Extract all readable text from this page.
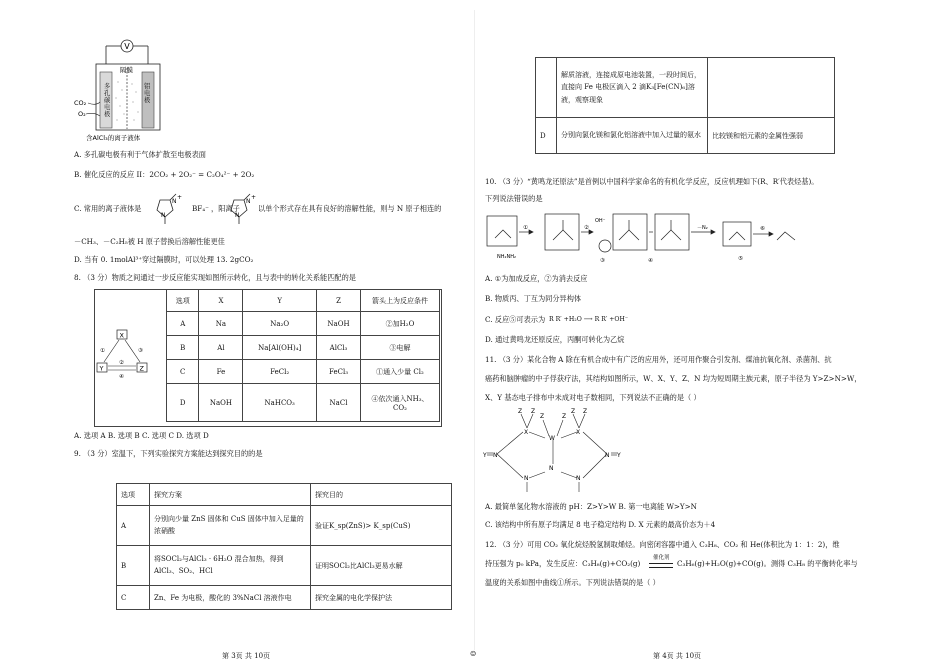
V
隔膜
CO₂
O₂
含AlCl₃的离子液体
多孔碳电极
铝电极
A. 多孔碳电极有利于气体扩散至电极表面
B. 催化反应的反应 II：2CO₂ + 2O₂⁻ = C₂O₄²⁻ + 2O₂
C. 常用的离子液体是
N
+
N
BF₄⁻ ，阳离子
N
+
N
以单个形式存在具有良好的溶解性能，则与 N 原子相连的
－CH₃、－C₂H₅被 H 原子替换后溶解性能更佳
D. 当有 0. 1molAl³⁺穿过隔膜时，可以处理 13. 2gCO₂
8. （3 分）物质之间通过一步反应能实现如图所示转化，且与表中的转化关系能匹配的是
X
Y	Z
①	③
②
④
选项	X	Y	Z	箭头上为反应条件
A	Na	Na₂O	NaOH	②加H₂O
B	Al	Na[Al(OH)₄]	AlCl₃	③电解
C	Fe	FeCl₂	FeCl₃	①通入少量 Cl₂
D	NaOH	NaHCO₃	NaCl	④依次通入NH₃、CO₂
A. 选项 A B. 选项 B C. 选项 C D. 选项 D
9. （3 分）室温下，下列实验探究方案能达到探究目的的是
选项	探究方案	探究目的
A	分别向少量 ZnS 固体和 CuS 固体中加入足量的浓硝酸	验证K_sp(ZnS)> K_sp(CuS)
B	将SOCl₂与AlCl₃ · 6H₂O 混合加热，得到AlCl₃、SO₂、HCl	证明SOCl₂比AlCl₃更易水解
C	Zn、Fe 为电极，酸化的 3%NaCl 溶液作电	探究金属的电化学保护法
第 3页 共 10页	☺
	解质溶液，连接成原电池装置，一段时间后，直接向 Fe 电极区滴入 2 滴K₃[Fe(CN)₆]溶液，观察现象	
D	分别向氯化镁和氯化铝溶液中加入过量的氨水	比较镁和铝元素的金属性强弱
10. （3 分）“黄鸣龙还原法”是首例以中国科学家命名的有机化学反应，反应机理如下(R、R′代表烃基)。
下列说法错误的是
NH₂NH₂
①	②
OH⁻
③	④
－N₂	⑥
⑤
A. ①为加成反应，②为消去反应
B. 物质丙、丁互为同分异构体
C. 反应⑤可表示为 R R′ +H₂O ⟶ R R′ +OH⁻
D. 通过黄鸣龙还原反应，丙酮可转化为乙烷
11. （3 分）某化合物 A 除在有机合成中有广泛的应用外，还可用作聚合引发剂、煤油抗氧化剂、杀菌剂、抗
癌药和脑肿瘤的中子俘获疗法，其结构如图所示，W、X、Y、Z、N 均为短周期主族元素，原子半径为 Y>Z>N>W，
X、Y 基态电子排布中未成对电子数相同，下列说法不正确的是（ ）
W
N
X	X
N	N
N	N
Y	Y
Z	Z
Z Z	Z Z
A. 最简单氢化物水溶液的 pH：Z>Y>W B. 第一电离能 W>Y>N
C. 该结构中所有原子均满足 8 电子稳定结构 D. X 元素的最高价态为＋4
12. （3 分）可用 CO₂ 氧化烷烃脱氢制取烯烃。向密闭容器中通入 C₃H₈、CO₂ 和 He(体积比为 1：1：2)，维
持压强为 p₀ kPa，发生反应：C₃H₈(g)+CO₂(g)
催化剂
C₃H₆(g)+H₂O(g)+CO(g)。测得 C₃H₈ 的平衡转化率与
温度的关系如图中曲线①所示。下列说法错误的是（ ）
第 4页 共 10页
